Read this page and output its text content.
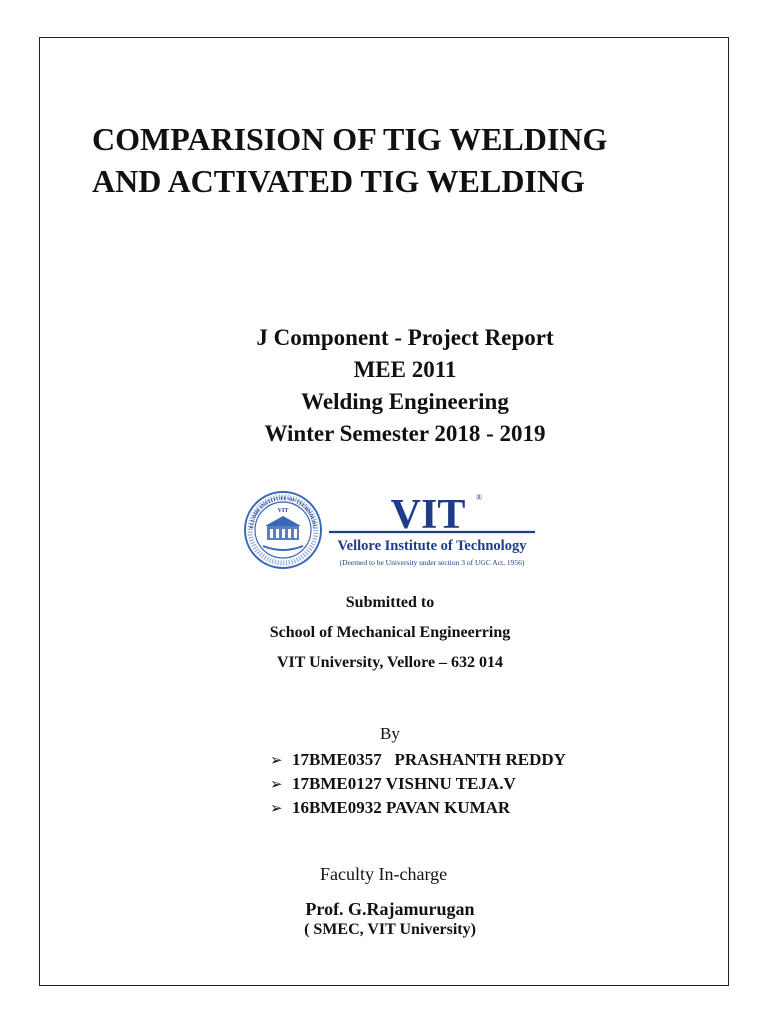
COMPARISION OF TIG WELDING
AND ACTIVATED TIG WELDING
J Component - Project Report
MEE 2011
Welding Engineering
Winter Semester 2018 - 2019
VIT
ELLORE INSTITUTE OF TECHNOLOG VIT ®
Vellore Institute of Technology
(Deemed to be University under section 3 of UGC Act, 1956)
Submitted to
School of Mechanical Engineerring
VIT University, Vellore – 632 014
By
➢ 17BME0357   PRASHANTH REDDY
➢ 17BME0127 VISHNU TEJA.V
➢ 16BME0932 PAVAN KUMAR
Faculty In-charge
Prof. G.Rajamurugan
( SMEC, VIT University)
